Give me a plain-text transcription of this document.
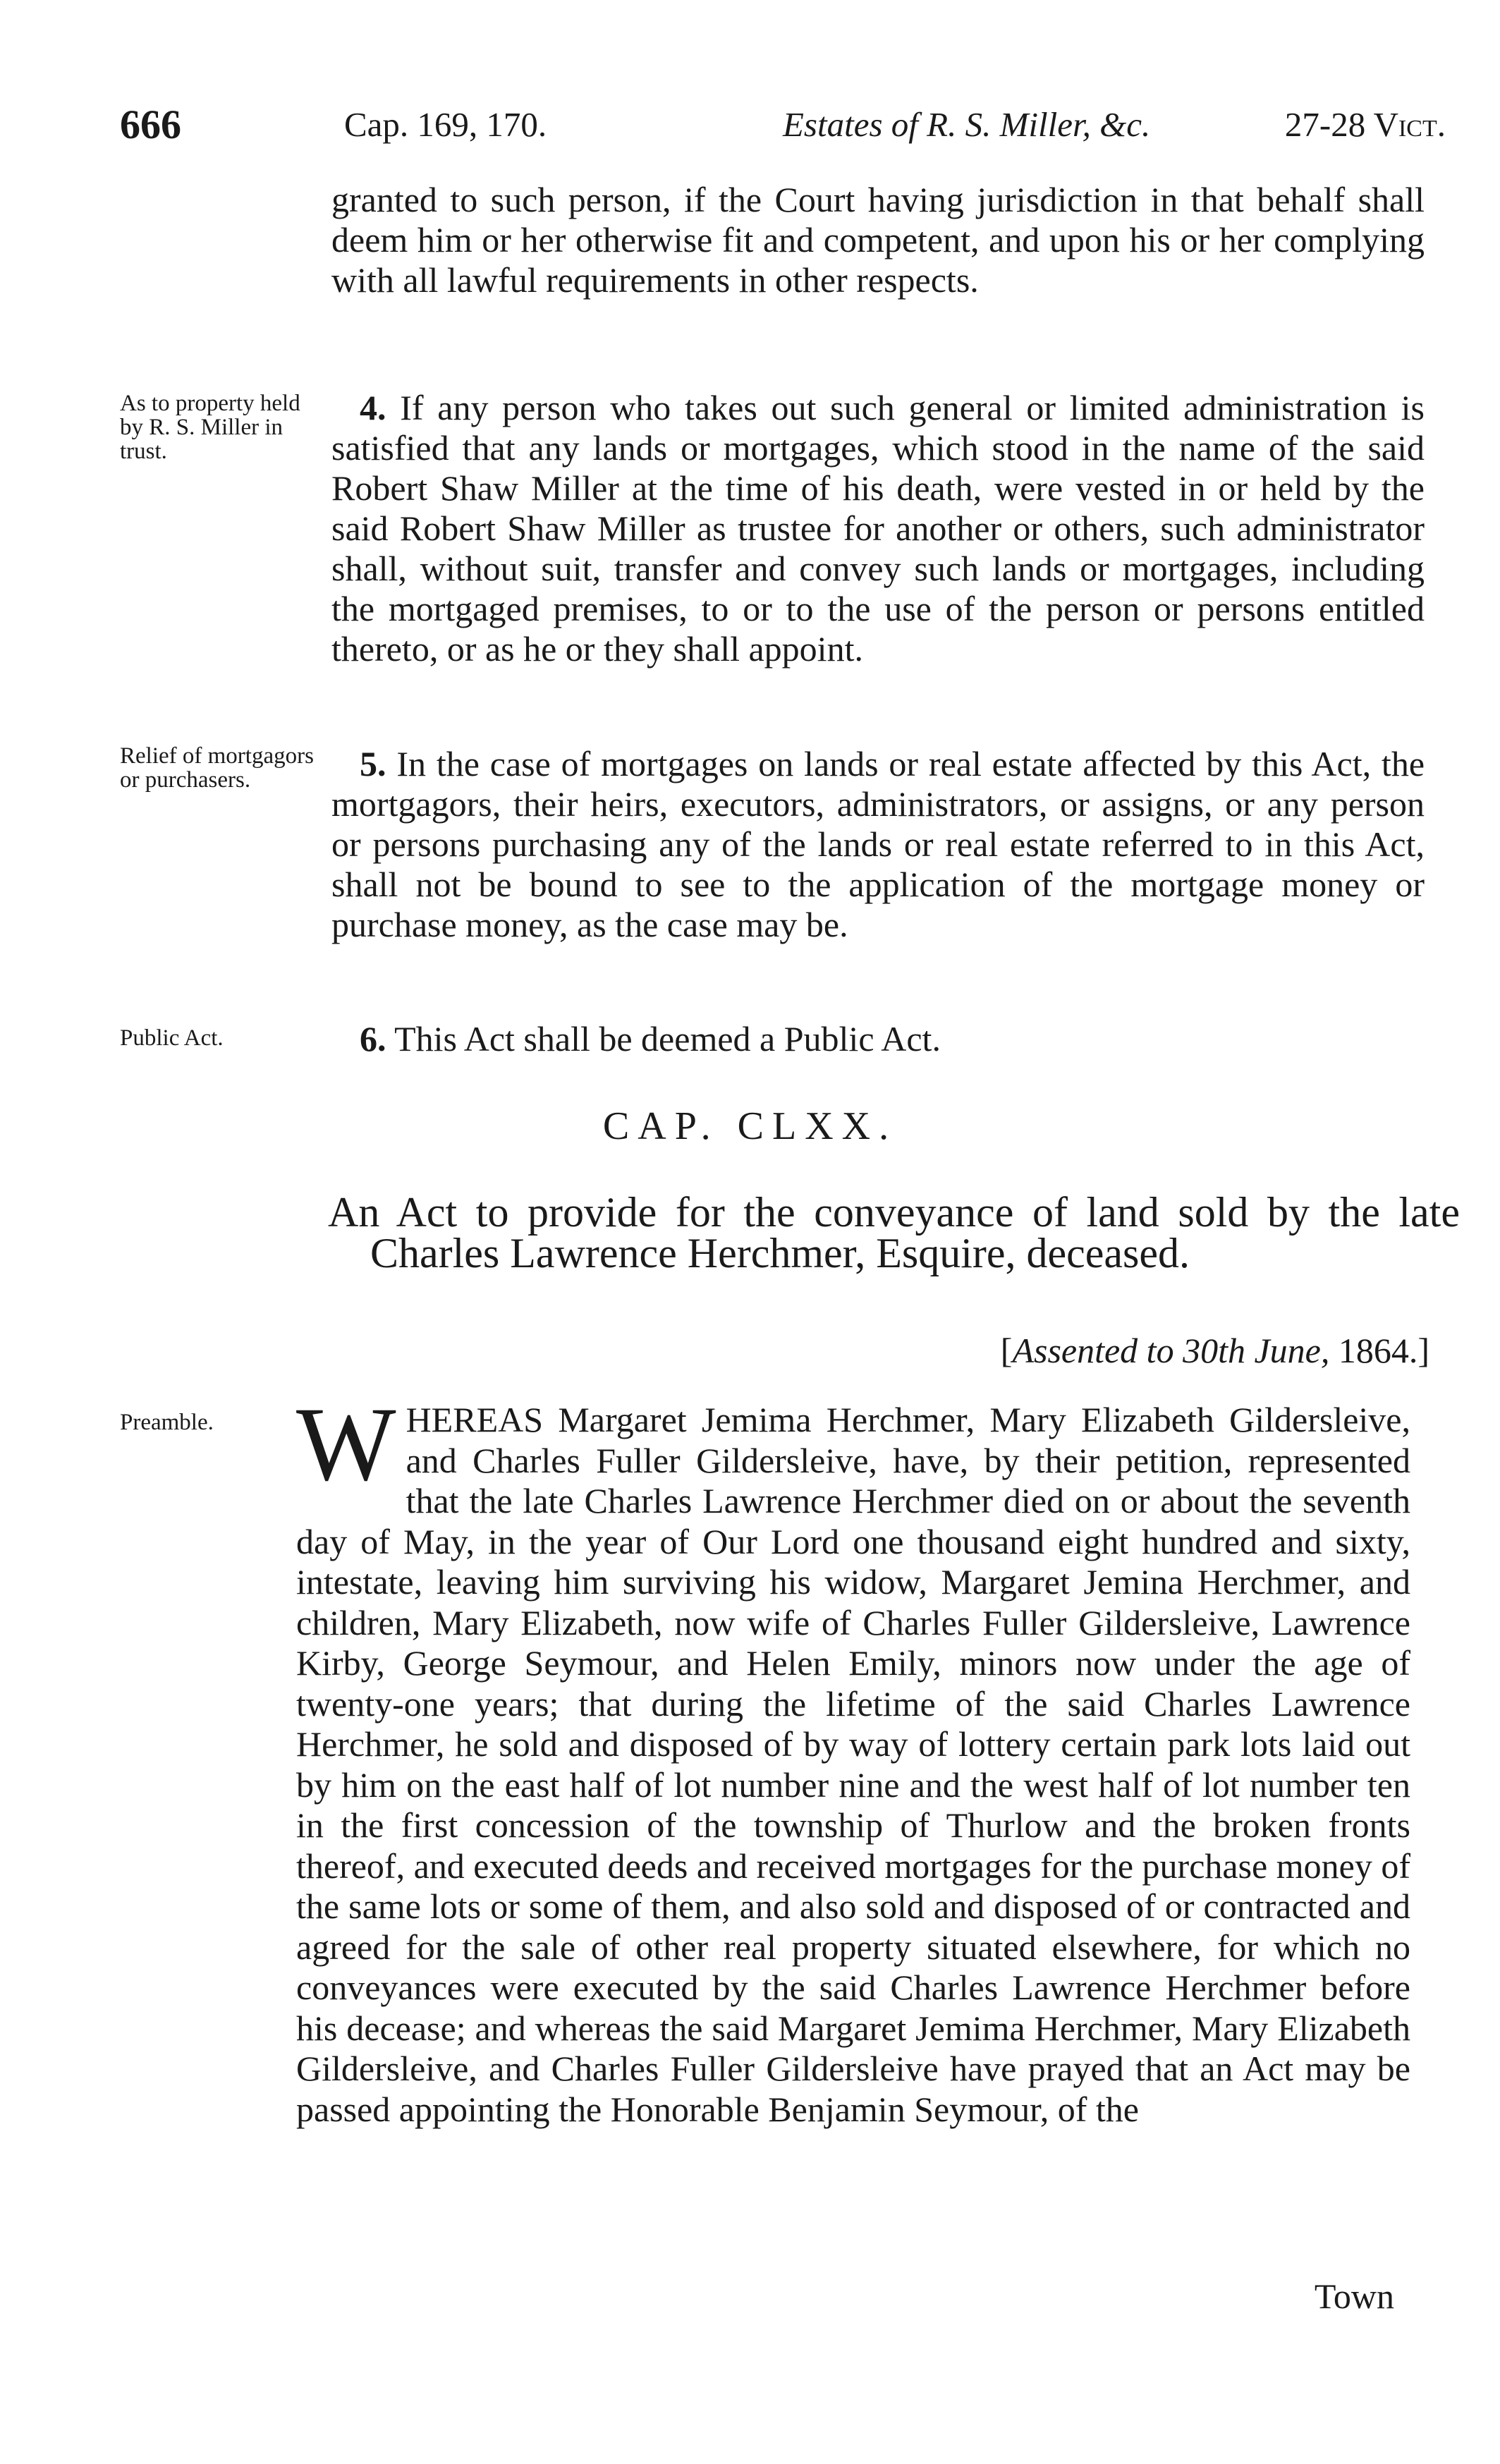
666	Cap. 169, 170.	Estates of R. S. Miller, &c.	27-28 Vict.

granted to such person, if the Court having jurisdiction in that behalf shall deem him or her otherwise fit and competent, and upon his or her complying with all lawful requirements in other respects.

As to property held by R. S. Miller in trust.

4. If any person who takes out such general or limited administration is satisfied that any lands or mortgages, which stood in the name of the said Robert Shaw Miller at the time of his death, were vested in or held by the said Robert Shaw Miller as trustee for another or others, such administrator shall, without suit, transfer and convey such lands or mortgages, including the mortgaged premises, to or to the use of the person or persons entitled thereto, or as he or they shall appoint.

Relief of mortgagors or purchasers.	5. In the case of mortgages on lands or real estate affected by this Act, the mortgagors, their heirs, executors, administrators, or assigns, or any person or persons purchasing any of the lands or real estate referred to in this Act, shall not be bound to see to the application of the mortgage money or purchase money, as the case may be.

Public Act.	6. This Act shall be deemed a Public Act.

CAP. CLXX.

An Act to provide for the conveyance of land sold by the late Charles Lawrence Herchmer, Esquire, deceased.

[Assented to 30th June, 1864.]

Preamble. WHEREAS Margaret Jemima Herchmer, Mary Elizabeth Gildersleive, and Charles Fuller Gildersleive, have, by their petition, represented that the late Charles Lawrence Herchmer died on or about the seventh day of May, in the year of Our Lord one thousand eight hundred and sixty, intestate, leaving him surviving his widow, Margaret Jemina Herchmer, and children, Mary Elizabeth, now wife of Charles Fuller Gildersleive, Lawrence Kirby, George Seymour, and Helen Emily, minors now under the age of twenty-one years; that during the lifetime of the said Charles Lawrence Herchmer, he sold and disposed of by way of lottery certain park lots laid out by him on the east half of lot number nine and the west half of lot number ten in the first concession of the township of Thurlow and the broken fronts thereof, and executed deeds and received mortgages for the purchase money of the same lots or some of them, and also sold and disposed of or contracted and agreed for the sale of other real property situated elsewhere, for which no conveyances were executed by the said Charles Lawrence Herchmer before his decease; and whereas the said Margaret Jemima Herchmer, Mary Elizabeth Gildersleive, and Charles Fuller Gildersleive have prayed that an Act may be passed appointing the Honorable Benjamin Seymour, of the

Town
